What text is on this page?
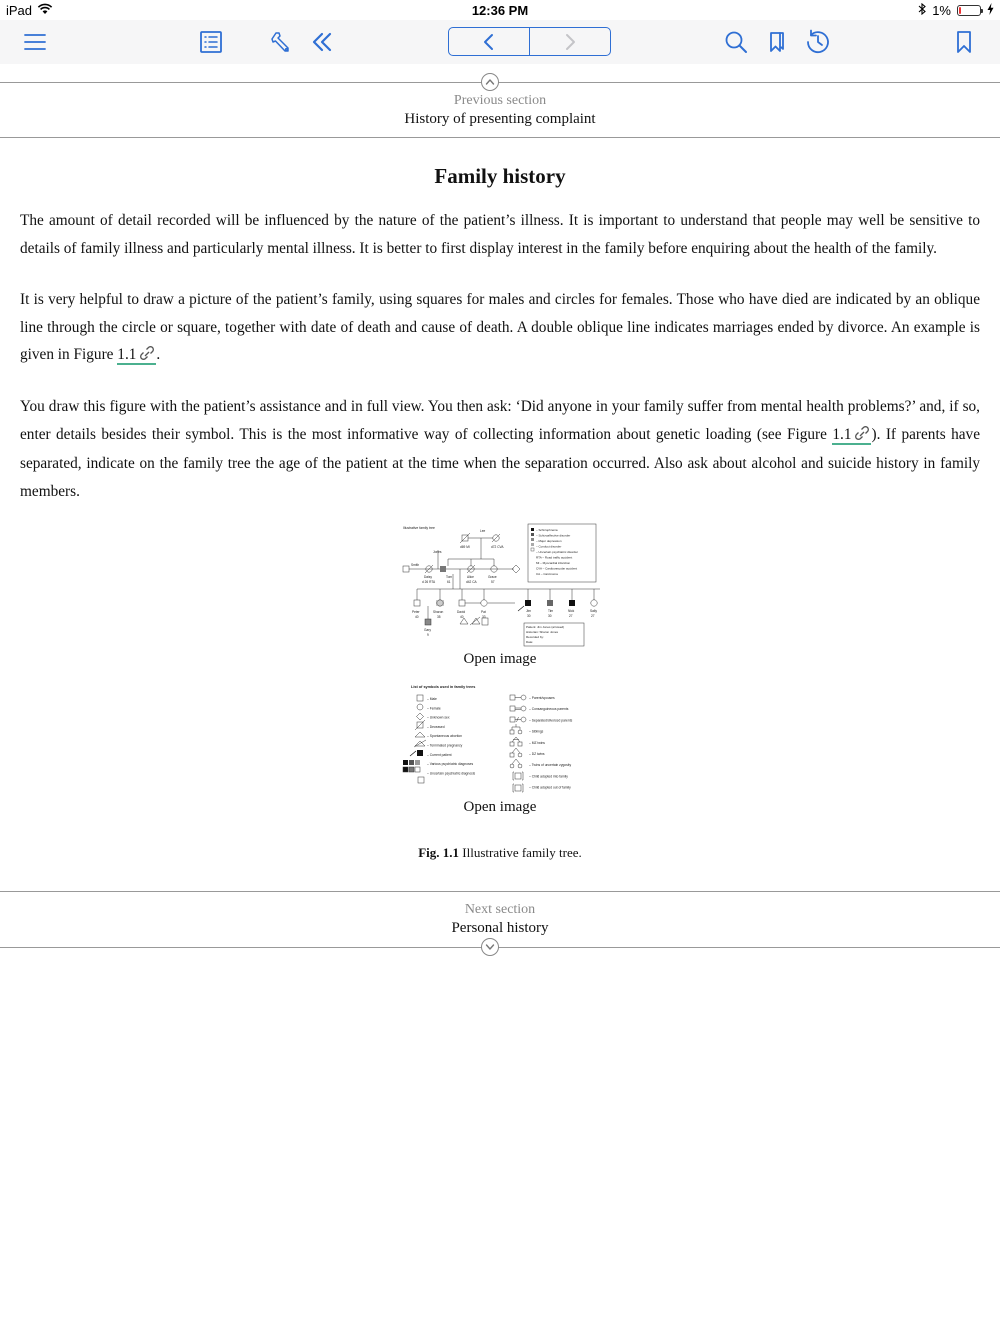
iPad	12:36 PM	1%
Previous section
History of presenting complaint
Family history

The amount of detail recorded will be influenced by the nature of the patient’s illness. It is important to understand that people may well be sensitive to details of family illness and particularly mental illness. It is better to first display interest in the family before enquiring about the health of the family.

It is very helpful to draw a picture of the patient’s family, using squares for males and circles for females. Those who have died are indicated by an oblique line through the circle or square, together with date of death and cause of death. A double oblique line indicates marriages ended by divorce. An example is given in Figure 1.1 .

You draw this figure with the patient’s assistance and in full view. You then ask: ‘Did anyone in your family suffer from mental health problems?’ and, if so, enter details besides their symbol. This is the most informative way of collecting information about genetic loading (see Figure 1.1 ). If parents have separated, indicate on the family tree the age of the patient at the time when the separation occurred. Also ask about alcohol and suicide history in family members.

Illustrative family tree
Lee
d72 CVA
d69 MI
Jones
Smith
Daisy
d 26 RTA
Tom
61
Alice
d42 CA
Grace
57
Peter
40
Sharon
35
David
40
Pat
33
Jim
30
Tim
30
Nick
27
Sally
27
Gary
9
– Schizophrenia
– Schizoaffective disorder
– Major depression
– Conduct disorder
– Uncertain psychiatric disorder
RTA – Road traffic accident
MI – Myocardial infarction
CVA – Cardiovascular accident
CA – Carcinoma
Patient: Jim Jones (arrowed)
Historian: Sharon Jones
Recorded by:
Date:
Open image
List of symbols used in family trees
– Male
– Female
– Unknown sex
– Deceased
– Spontaneous abortion
– Terminated pregnancy
– Current patient
– Various psychiatric diagnoses
– Uncertain psychiatric diagnosis
– Parent/spouses
– Consanguineous parents
– Separated/divorced parents
– Siblings
– MZ twins
– DZ twins
– Twins of uncertain zygosity
– Child adopted into family
– Child adopted out of family
Open image
Fig. 1.1 Illustrative family tree.
Next section
Personal history
